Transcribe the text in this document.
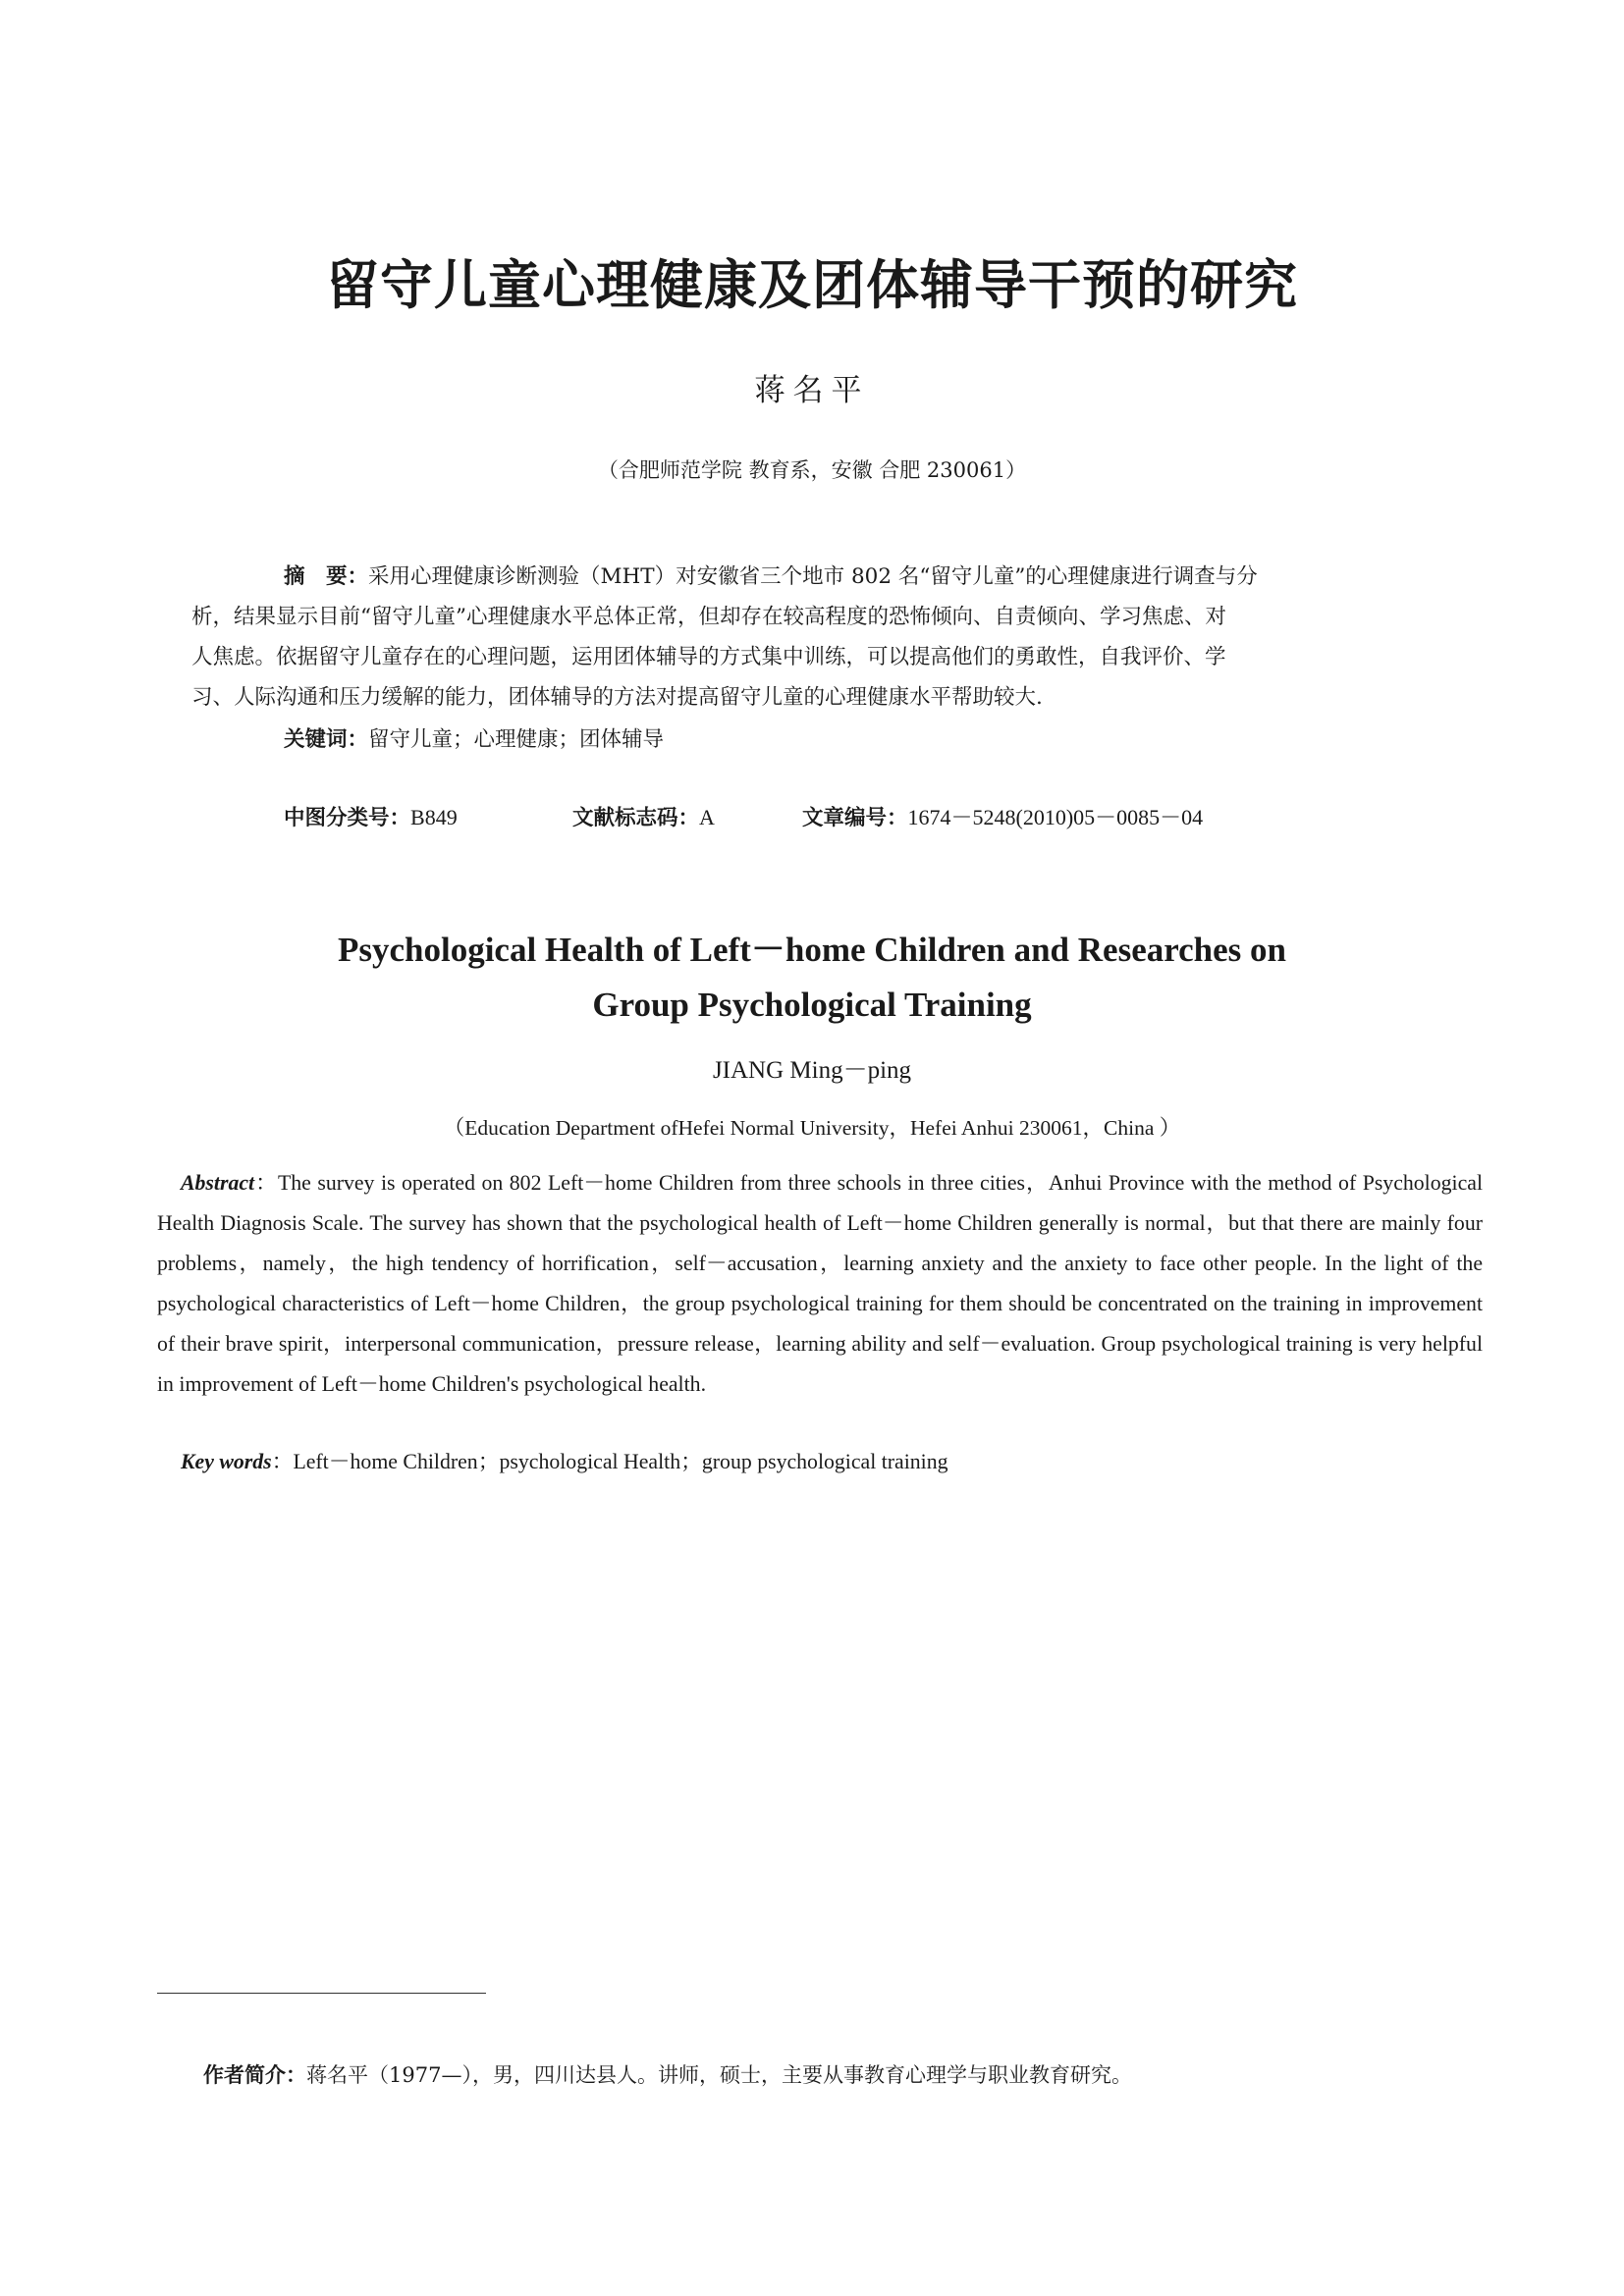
留守儿童心理健康及团体辅导干预的研究
蒋名平
（合肥师范学院 教育系，安徽 合肥 230061）
摘　要：采用心理健康诊断测验（MHT）对安徽省三个地市 802 名“留守儿童”的心理健康进行调查与分
析，结果显示目前“留守儿童”心理健康水平总体正常，但却存在较高程度的恐怖倾向、自责倾向、学习焦虑、对
人焦虑。依据留守儿童存在的心理问题，运用团体辅导的方式集中训练，可以提高他们的勇敢性，自我评价、学
习、人际沟通和压力缓解的能力，团体辅导的方法对提高留守儿童的心理健康水平帮助较大.
关键词：留守儿童；心理健康；团体辅导
中图分类号：B849	文献标志码：A	文章编号：1674－5248(2010)05－0085－04
Psychological Health of Left－home Children and Researches on
Group Psychological Training
JIANG Ming－ping
（Education Department ofHefei Normal University，Hefei Anhui 230061，China ）
Abstract：The survey is operated on 802 Left－home Children from three schools in three cities，Anhui Province with the method of Psychological Health Diagnosis Scale. The survey has shown that the psychological health of Left－home Children generally is normal，but that there are mainly four problems，namely，the high tendency of horrification，self－accusation，learning anxiety and the anxiety to face other people. In the light of the psychological characteristics of Left－home Children，the group psychological training for them should be concentrated on the training in improvement of their brave spirit，interpersonal communication，pressure release，learning ability and self－evaluation. Group psychological training is very helpful in improvement of Left－home Children's psychological health.
Key words：Left－home Children；psychological Health；group psychological training
作者简介：蒋名平（1977—），男，四川达县人。讲师，硕士，主要从事教育心理学与职业教育研究。
